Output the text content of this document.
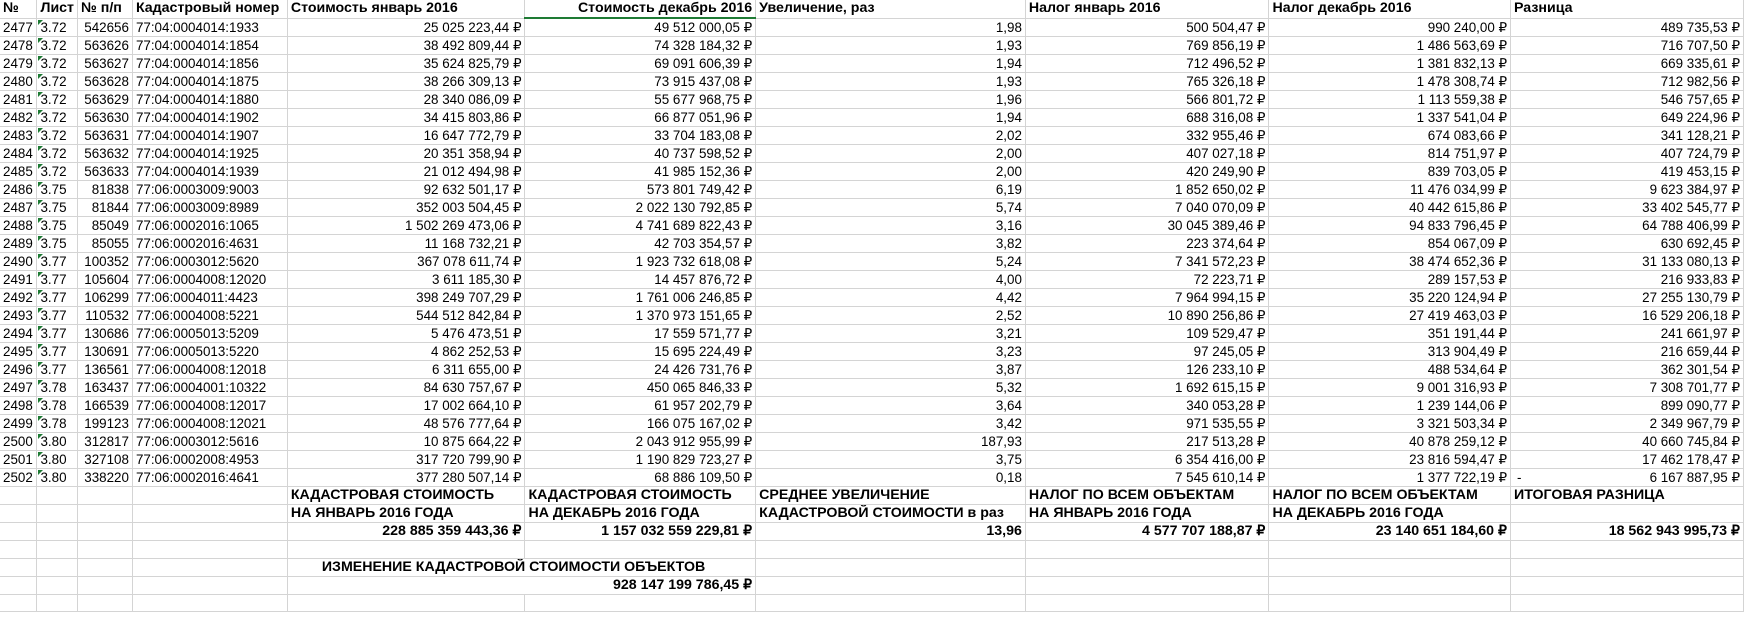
№	Лист	№ п/п	Кадастровый номер	Стоимость январь 2016	Стоимость декабрь 2016	Увеличение, раз	Налог январь 2016	Налог декабрь 2016	Разница
2477	3.72	542656	77:04:0004014:1933	25 025 223,44 ₽	49 512 000,05 ₽	1,98	500 504,47 ₽	990 240,00 ₽	489 735,53 ₽
2478	3.72	563626	77:04:0004014:1854	38 492 809,44 ₽	74 328 184,32 ₽	1,93	769 856,19 ₽	1 486 563,69 ₽	716 707,50 ₽
2479	3.72	563627	77:04:0004014:1856	35 624 825,79 ₽	69 091 606,39 ₽	1,94	712 496,52 ₽	1 381 832,13 ₽	669 335,61 ₽
2480	3.72	563628	77:04:0004014:1875	38 266 309,13 ₽	73 915 437,08 ₽	1,93	765 326,18 ₽	1 478 308,74 ₽	712 982,56 ₽
2481	3.72	563629	77:04:0004014:1880	28 340 086,09 ₽	55 677 968,75 ₽	1,96	566 801,72 ₽	1 113 559,38 ₽	546 757,65 ₽
2482	3.72	563630	77:04:0004014:1902	34 415 803,86 ₽	66 877 051,96 ₽	1,94	688 316,08 ₽	1 337 541,04 ₽	649 224,96 ₽
2483	3.72	563631	77:04:0004014:1907	16 647 772,79 ₽	33 704 183,08 ₽	2,02	332 955,46 ₽	674 083,66 ₽	341 128,21 ₽
2484	3.72	563632	77:04:0004014:1925	20 351 358,94 ₽	40 737 598,52 ₽	2,00	407 027,18 ₽	814 751,97 ₽	407 724,79 ₽
2485	3.72	563633	77:04:0004014:1939	21 012 494,98 ₽	41 985 152,36 ₽	2,00	420 249,90 ₽	839 703,05 ₽	419 453,15 ₽
2486	3.75	81838	77:06:0003009:9003	92 632 501,17 ₽	573 801 749,42 ₽	6,19	1 852 650,02 ₽	11 476 034,99 ₽	9 623 384,97 ₽
2487	3.75	81844	77:06:0003009:8989	352 003 504,45 ₽	2 022 130 792,85 ₽	5,74	7 040 070,09 ₽	40 442 615,86 ₽	33 402 545,77 ₽
2488	3.75	85049	77:06:0002016:1065	1 502 269 473,06 ₽	4 741 689 822,43 ₽	3,16	30 045 389,46 ₽	94 833 796,45 ₽	64 788 406,99 ₽
2489	3.75	85055	77:06:0002016:4631	11 168 732,21 ₽	42 703 354,57 ₽	3,82	223 374,64 ₽	854 067,09 ₽	630 692,45 ₽
2490	3.77	100352	77:06:0003012:5620	367 078 611,74 ₽	1 923 732 618,08 ₽	5,24	7 341 572,23 ₽	38 474 652,36 ₽	31 133 080,13 ₽
2491	3.77	105604	77:06:0004008:12020	3 611 185,30 ₽	14 457 876,72 ₽	4,00	72 223,71 ₽	289 157,53 ₽	216 933,83 ₽
2492	3.77	106299	77:06:0004011:4423	398 249 707,29 ₽	1 761 006 246,85 ₽	4,42	7 964 994,15 ₽	35 220 124,94 ₽	27 255 130,79 ₽
2493	3.77	110532	77:06:0004008:5221	544 512 842,84 ₽	1 370 973 151,65 ₽	2,52	10 890 256,86 ₽	27 419 463,03 ₽	16 529 206,18 ₽
2494	3.77	130686	77:06:0005013:5209	5 476 473,51 ₽	17 559 571,77 ₽	3,21	109 529,47 ₽	351 191,44 ₽	241 661,97 ₽
2495	3.77	130691	77:06:0005013:5220	4 862 252,53 ₽	15 695 224,49 ₽	3,23	97 245,05 ₽	313 904,49 ₽	216 659,44 ₽
2496	3.77	136561	77:06:0004008:12018	6 311 655,00 ₽	24 426 731,76 ₽	3,87	126 233,10 ₽	488 534,64 ₽	362 301,54 ₽
2497	3.78	163437	77:06:0004001:10322	84 630 757,67 ₽	450 065 846,33 ₽	5,32	1 692 615,15 ₽	9 001 316,93 ₽	7 308 701,77 ₽
2498	3.78	166539	77:06:0004008:12017	17 002 664,10 ₽	61 957 202,79 ₽	3,64	340 053,28 ₽	1 239 144,06 ₽	899 090,77 ₽
2499	3.78	199123	77:06:0004008:12021	48 576 777,64 ₽	166 075 167,02 ₽	3,42	971 535,55 ₽	3 321 503,34 ₽	2 349 967,79 ₽
2500	3.80	312817	77:06:0003012:5616	10 875 664,22 ₽	2 043 912 955,99 ₽	187,93	217 513,28 ₽	40 878 259,12 ₽	40 660 745,84 ₽
2501	3.80	327108	77:06:0002008:4953	317 720 799,90 ₽	1 190 829 723,27 ₽	3,75	6 354 416,00 ₽	23 816 594,47 ₽	17 462 178,47 ₽
2502	3.80	338220	77:06:0002016:4641	377 280 507,14 ₽	68 886 109,50 ₽	0,18	7 545 610,14 ₽	1 377 722,19 ₽	- 6 167 887,95 ₽
				КАДАСТРОВАЯ СТОИМОСТЬ	КАДАСТРОВАЯ СТОИМОСТЬ	СРЕДНЕЕ УВЕЛИЧЕНИЕ	НАЛОГ ПО ВСЕМ ОБЪЕКТАМ	НАЛОГ ПО ВСЕМ ОБЪЕКТАМ	ИТОГОВАЯ РАЗНИЦА
				НА ЯНВАРЬ 2016 ГОДА	НА ДЕКАБРЬ 2016 ГОДА	КАДАСТРОВОЙ СТОИМОСТИ в раз	НА ЯНВАРЬ 2016 ГОДА	НА ДЕКАБРЬ 2016 ГОДА	
				228 885 359 443,36 ₽	1 157 032 559 229,81 ₽	13,96	4 577 707 188,87 ₽	23 140 651 184,60 ₽	18 562 943 995,73 ₽

				ИЗМЕНЕНИЕ КАДАСТРОВОЙ СТОИМОСТИ ОБЪЕКТОВ					
				928 147 199 786,45 ₽					
